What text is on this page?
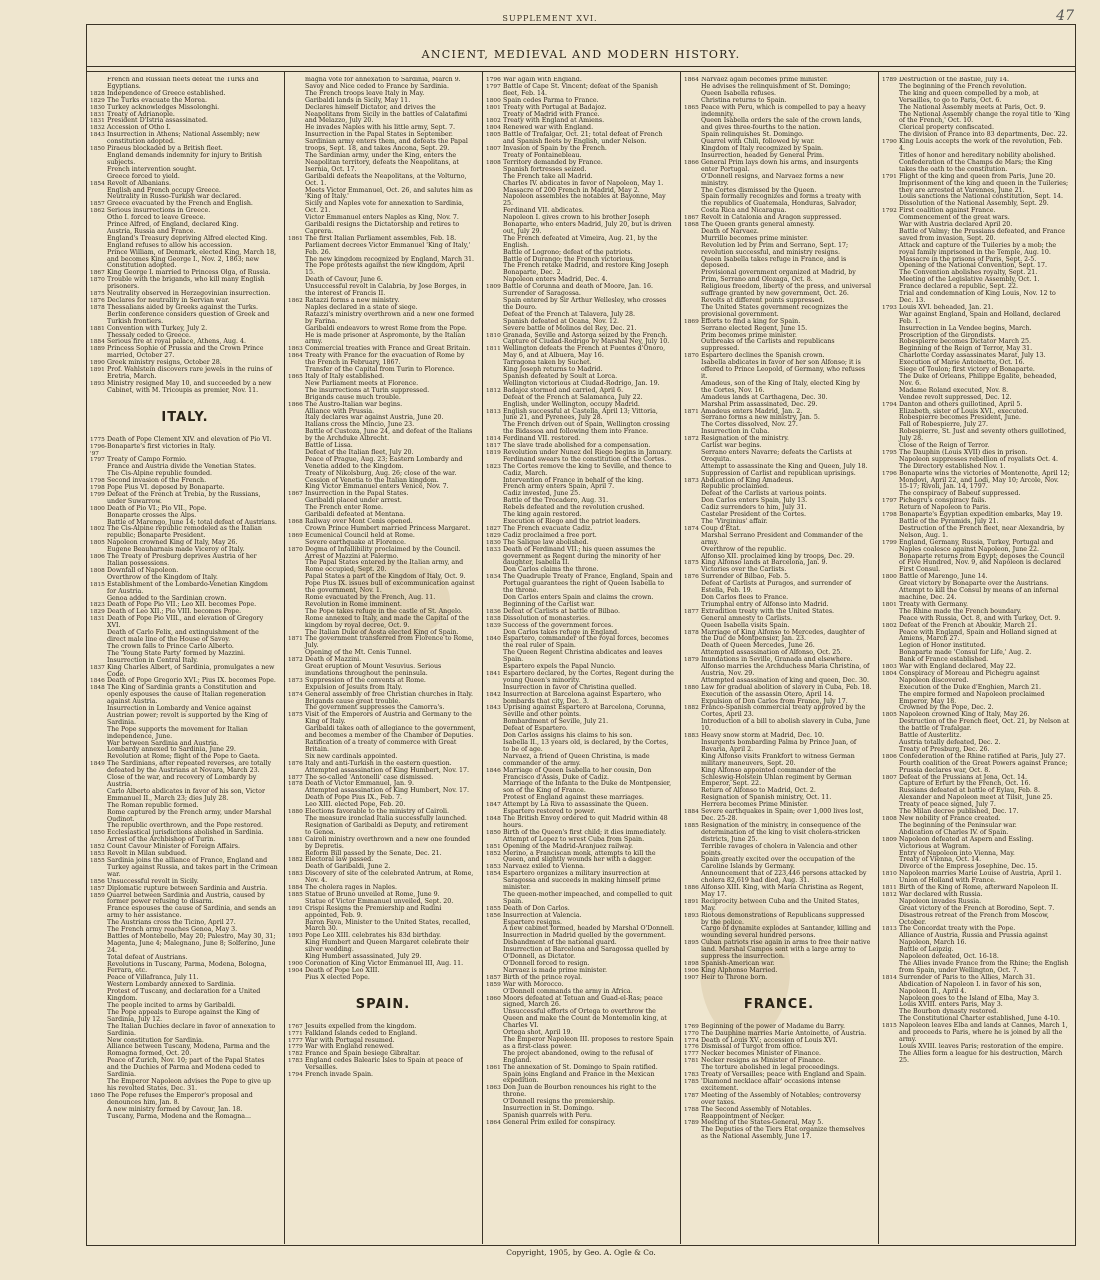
47
SUPPLEMENT XVI.
ANCIENT, MEDIEVAL AND MODERN HISTORY.
French and Russian fleets defeat the Turks and Egyptians.
1828 Independence of Greece established.
1829 The Turks evacuate the Morea.
1830 Turkey acknowledges Missolonghi.
1831 Treaty of Adrianople.
1831 President D'Istria assassinated.
1832 Accession of Otho I.
1843 Insurrection in Athens; National Assembly; new constitution adopted.
1850 Piraeus blockaded by a British fleet.
England demands indemnity for injury to British subjects.
French intervention sought.
Greece forced to yield.
1854 Revolt of Albanians.
English and French occupy Greece.
Neutrality in Russo-Turkish war declared.
1857 Greece evacuated by the French and English.
1862 Serious insurrections in Greece.
Otho I. forced to leave Greece.
Prince Alfred, of England, declared King.
Austria, Russia and France.
England's Treasury depriving Alfred elected King.
England refuses to allow his accession.
Prince William, of Denmark, elected King, March 18, and becomes King George I., Nov. 2, 1863; new Constitution adopted.
1867 King George I. married to Princess Olga, of Russia.
1870 Trouble with the brigands, who kill many English prisoners.
1875 Neutrality observed in Herzegovinian insurrection.
1876 Declares for neutrality in Servian war.
1878 Thessalians aided by Greeks against the Turks.
Berlin conference considers question of Greek and Turkish frontiers.
1881 Convention with Turkey, July 2.
Thessaly ceded to Greece.
1884 Serious fire at royal palace, Athens, Aug. 4.
1889 Princess Sophie of Prussia and the Crown Prince married, October 27.
1890 Greek ministry resigns, October 28.
1891 Prof. Wahlstein discovers rare jewels in the ruins of Eretria, March.
1893 Ministry resigned May 10, and succeeded by a new Cabinet, with M. Tricoupis as premier, Nov. 11.
ITALY.
1775 Death of Pope Clement XIV. and elevation of Pio VI.
1796-'97
Bonaparte's first victories in Italy.
1797 Treaty of Campo Formio.
France and Austria divide the Venetian States.
The Cis-Alpine republic founded.
1798 Second invasion of the French.
1798 Pope Pius VI. deposed by Bonaparte.
1799 Defeat of the French at Trebia, by the Russians, under Suwarrow.
1800 Death of Pio VI.; Pio VII., Pope.
Bonaparte crosses the Alps.
Battle of Marengo, June 14; total defeat of Austrians.
1802 The Cis-Alpine republic remodeled as the Italian republic; Bonaparte President.
1805 Napoleon crowned King of Italy, May 26.
Eugene Beauharnais made Viceroy of Italy.
1806 The Treaty of Presburg deprives Austria of her Italian possessions.
1808 Downfall of Napoleon.
Overthrow of the Kingdom of Italy.
1815 Establishment of the Lombardo-Venetian Kingdom for Austria.
Genoa added to the Sardinian crown.
1823 Death of Pope Pio VII.; Leo XII. becomes Pope.
1829 Death of Leo XII.; Pio VIII. becomes Pope.
1831 Death of Pope Pio VIII., and elevation of Gregory XVI.
Death of Carlo Felix, and extinguishment of the direct male line of the House of Savoy.
The crown falls to Prince Carlo Alberto.
The 'Young State Party' formed by Mazzini.
Insurrection in Central Italy.
1837 King Charles Albert, of Sardinia, promulgates a new Code.
1846 Death of Pope Gregorio XVI.; Pius IX. becomes Pope.
1848 The King of Sardinia grants a Constitution and openly espouses the cause of Italian regeneration against Austria.
Insurrection in Lombardy and Venice against Austrian power; revolt is supported by the King of Sardinia.
The Pope supports the movement for Italian independence, June.
War between Sardinia and Austria.
Lombardy annexed to Sardinia, June 29.
Revolution at Rome; flight of the Pope to Gaeta.
1849 The Sardinians, after repeated reverses, are totally defeated by the Austrians at Novara, March 23.
Close of the war, and recovery of Lombardy by Austria.
Carlo Alberto abdicates in favor of his son, Victor Emmanuel II., March 23; dies July 28.
The Roman republic formed.
Rome captured by the French army, under Marshal Oudinot.
The republic overthrown, and the Pope restored.
1850 Ecclesiastical jurisdictions abolished in Sardinia.
Arrest of the Archbishop of Turin.
1852 Count Cavour Minister of Foreign Affairs.
1853 Revolt in Milan subdued.
1855 Sardinia joins the alliance of France, England and Turkey against Russia, and takes part in the Crimean war.
1856 Unsuccessful revolt in Sicily.
1857 Diplomatic rupture between Sardinia and Austria.
1859 Quarrel between Sardinia and Austria, caused by former power refusing to disarm.
France espouses the cause of Sardinia, and sends an army to her assistance.
The Austrians cross the Ticino, April 27.
The French army reaches Genoa, May 3.
Battles of Montebello, May 20; Palestro, May 30, 31; Magenta, June 4; Malegnano, June 8; Solferino, June 24.
Total defeat of Austrians.
Revolutions in Tuscany, Parma, Modena, Bologna, Ferrara, etc.
Peace of Villafranca, July 11.
Western Lombardy annexed to Sardinia.
Protest of Tuscany, and declaration for a United Kingdom.
The people incited to arms by Garibaldi.
The Pope appeals to Europe against the King of Sardinia, July 12.
The Italian Duchies declare in favor of annexation to Sardinia.
New constitution for Sardinia.
Alliance between Tuscany, Modena, Parma and the Romagna formed, Oct. 20.
Peace of Zurich, Nov. 10; part of the Papal States and the Duchies of Parma and Modena ceded to Sardinia.
The Emperor Napoleon advises the Pope to give up his revolted States, Dec. 31.
1860 The Pope refuses the Emperor's proposal and denounces him, Jan. 8.
A new ministry formed by Cavour, Jan. 18.
Tuscany, Parma, Modena and the Romagna...
magna vote for annexation to Sardinia, March 9.
Savoy and Nice ceded to France by Sardinia.
The French troops leave Italy in May.
Garibaldi lands in Sicily, May 11.
Declares himself Dictator, and drives the Neapolitans from Sicily in the battles of Calatafimi and Melazzo, July 20.
He invades Naples with his little army, Sept. 7.
Insurrection in the Papal States in September. Sardinian army enters them, and defeats the Papal troops, Sept. 18, and takes Ancona, Sept. 29.
The Sardinian army, under the King, enters the Neapolitan territory, defeats the Neapolitans, at Isernia, Oct. 17.
Garibaldi defeats the Neapolitans, at the Volturno, Oct. 1.
Meets Victor Emmanuel, Oct. 26, and salutes him as 'King of Italy.'
Sicily and Naples vote for annexation to Sardinia, Oct. 21.
Victor Emmanuel enters Naples as King, Nov. 7.
Garibaldi resigns the Dictatorship and retires to Caprera.
1861 The first Italian Parliament assembles, Feb. 18.
Parliament decrees Victor Emmanuel 'King of Italy,' Feb. 26.
The new kingdom recognized by England, March 31.
The Pope protests against the new kingdom, April 15.
Death of Cavour, June 6.
Unsuccessful revolt in Calabria, by Jose Borges, in the interest of Francis II.
1862 Ratazzi forms a new ministry.
Naples declared in a state of siege.
Ratazzi's ministry overthrown and a new one formed by Farina.
Garibaldi endeavors to wrest Rome from the Pope.
He is made prisoner at Aspromonte, by the Italian army.
1863 Commercial treaties with France and Great Britain.
1864 Treaty with France for the evacuation of Rome by the French in February, 1867.
Transfer of the Capital from Turin to Florence.
1865 Italy of Italy established.
New Parliament meets at Florence.
The insurrections at Turin suppressed.
Brigands cause much trouble.
1866 The Austro-Italian war begins.
Alliance with Prussia.
Italy declares war against Austria, June 20.
Italians cross the Mincio, June 23.
Battle of Custoza, June 24, and defeat of the Italians by the Archduke Albrecht.
Battle of Lissa.
Defeat of the Italian fleet, July 20.
Peace of Prague, Aug. 23; Eastern Lombardy and Venetia added to the Kingdom.
Treaty of Nikolsburg, Aug. 26; close of the war.
Cession of Venetia to the Italian kingdom.
King Victor Emmanuel enters Venice, Nov. 7.
1867 Insurrection in the Papal States.
Garibaldi placed under arrest.
The French enter Rome.
Garibaldi defeated at Mentana.
1868 Railway over Mont Cenis opened.
Crown Prince Humbert married Princess Margaret.
1869 Ecumenical Council held at Rome.
Severe earthquake at Florence.
1870 Dogma of Infallibility proclaimed by the Council.
Arrest of Mazzini at Palermo.
The Papal States entered by the Italian army, and Rome occupied, Sept. 20.
Papal States a part of the Kingdom of Italy, Oct. 9.
Pope Pius IX. issues bull of excommunication against the government, Nov. 1.
Rome evacuated by the French, Aug. 11.
Revolution in Rome imminent.
The Pope takes refuge in the castle of St. Angelo.
Rome annexed to Italy, and made the Capital of the kingdom by royal decree, Oct. 9.
The Italian Duke of Aosta elected King of Spain.
1871 The government transferred from Florence to Rome, July.
Opening of the Mt. Cenis Tunnel.
1872 Death of Mazzini.
Great eruption of Mount Vesuvius. Serious inundations throughout the peninsula.
1873 Suppression of the convents at Rome.
Expulsion of Jesuits from Italy.
1874 General assembly of free Christian churches in Italy.
Brigands cause great trouble.
The government suppresses the Camorra's.
1875 Visit of the Emperors of Austria and Germany to the King of Italy.
Garibaldi takes oath of allegiance to the government, and becomes a member of the Chamber of Deputies.
Ratification of a treaty of commerce with Great Britain.
Six new cardinals appointed.
1876 Italy and anti-Turkish in the eastern question.
Attempted assassination of King Humbert, Nov. 17.
1877 The so-called 'Antonelli' case dismissed.
1878 Death of Victor Emmanuel, Jan. 9.
Attempted assassination of King Humbert, Nov. 17.
Death of Pope Pius IX., Feb. 7.
Leo XIII. elected Pope, Feb. 20.
1880 Elections favorable to the ministry of Cairoli.
The measure ironclad Italia successfully launched.
Resignation of Garibaldi as Deputy, and retirement to Genoa.
1881 Cairoli ministry overthrown and a new one founded by Depretis.
Reform Bill passed by the Senate, Dec. 21.
1882 Electoral law passed.
Death of Garibaldi, June 2.
1883 Discovery of site of the celebrated Antrum, at Rome, Nov. 4.
1884 The cholera rages in Naples.
1885 Statue of Bruno unveiled at Rome, June 9.
Statue of Victor Emmanuel unveiled, Sept. 20.
1891 Crispi Resigns the Premiership and Rudini appointed, Feb. 9.
Baron Fava, Minister to the United States, recalled, March 30.
1893 Pope Leo XIII. celebrates his 83d birthday.
King Humbert and Queen Margaret celebrate their silver wedding.
King Humbert assassinated, July 29.
1900 Coronation of King Victor Emmanuel III, Aug. 11.
1904 Death of Pope Leo XIII.
Pius X elected Pope.
SPAIN.
1767 Jesuits expelled from the kingdom.
1771 Falkland Islands ceded to England.
1777 War with Portugal resumed.
1779 War with England renewed.
1782 France and Spain besiege Gibraltar.
1783 England cedes Balearic Isles to Spain at peace of Versailles.
1794 French invade Spain.
1796 War again with England.
1797 Battle of Cape St. Vincent; defeat of the Spanish fleet, Feb. 14.
1800 Spain cedes Parma to France.
1801 Treaty with Portugal at Badajoz.
Treaty of Madrid with France.
1802 Treaty with England at Amiens.
1804 Renewed war with England.
1805 Battle of Trafalgar, Oct. 21; total defeat of French and Spanish fleets by English, under Nelson.
1807 Invasion of Spain by the French.
Treaty of Fontainebleau.
1808 Territory demanded by France.
Spanish fortresses seized.
The French take all Madrid.
Charles IV. abdicates in favor of Napoleon, May 1.
Massacre of 200 French in Madrid, May 2.
Napoleon assembles the notables at Bayonne, May 25.
Ferdinand VII. abdicates.
Napoleon I. gives crown to his brother Joseph Bonaparte, who enters Madrid, July 20, but is driven out, July 29.
The French defeated at Vimeira, Aug. 21, by the English.
Battle of Logrono; defeat of the patriots.
Battle of Durango; the French victorious.
The French retake Madrid, and restore King Joseph Bonaparte, Dec. 2.
Napoleon enters Madrid, Dec. 4.
1809 Battle of Corunna and death of Moore, Jan. 16.
Surrender of Saragossa.
Spain entered by Sir Arthur Wellesley, who crosses the Douro.
Defeat of the French at Talavera, July 28.
Spanish defeated at Ocana, Nov. 12.
Severe battle of Molinos del Rey, Dec. 21.
1810 Granada, Seville and Astorga seized by the French.
Capture of Ciudad-Rodrigo by Marshal Ney, July 10.
1811 Wellington defeats the French at Fuentes d'Onoro, May 6, and at Albuera, May 16.
Tarragona taken by Suchet.
King Joseph returns to Madrid.
Spanish defeated by Soult at Lorca.
Wellington victorious at Ciudad-Rodrigo, Jan. 19.
1812 Badajoz stormed and carried, April 6.
Defeat of the French at Salamanca, July 22.
English, under Wellington, occupy Madrid.
1813 English successful at Castella, April 13; Vittoria, June 21, and Pyrenees, July 28.
The French driven out of Spain, Wellington crossing the Bidassoa and following them into France.
1814 Ferdinand VII. restored.
1817 The slave trade abolished for a compensation.
1819 Revolution under Nunez del Riego begins in January.
Ferdinand swears to the constitution of the Cortes.
1823 The Cortes remove the king to Seville, and thence to Cadiz, March.
Intervention of France in behalf of the king.
French army enters Spain, April 7.
Cadiz invested, June 25.
Battle of the Trocadero, Aug. 31.
Rebels defeated and the revolution crushed.
The king again restored.
Execution of Riego and the patriot leaders.
1827 The French evacuate Cadiz.
1829 Cadiz proclaimed a free port.
1830 The Salique law abolished.
1833 Death of Ferdinand VII.; his queen assumes the government as Regent during the minority of her daughter, Isabella II.
Don Carlos claims the throne.
1834 The Quadruple Treaty of France, England, Spain and Portugal guarantees the right of Queen Isabella to the throne.
Don Carlos enters Spain and claims the crown.
Beginning of the Carlist war.
1836 Defeat of Carlists at battle of Bilbao.
1838 Dissolution of monasteries.
1839 Success of the government forces.
Don Carlos takes refuge in England.
1840 Espartero, commander of the royal forces, becomes the real ruler of Spain.
The Queen Regent Christina abdicates and leaves Spain.
Espartero expels the Papal Nuncio.
1841 Espartero declared, by the Cortes, Regent during the young Queen's minority.
Insurrection in favor of Christina quelled.
1842 Insurrection at Barcelona against Espartero, who bombards that city, Dec. 3.
1843 Uprising against Espartero at Barcelona, Corunna, Seville and other points.
Bombardment of Seville, July 21.
Defeat of Espartero.
Don Carlos assigns his claims to his son.
Isabella II., 13 years old, is declared, by the Cortes, to be of age.
Narvaez, a friend of Queen Christina, is made commander of the army.
1846 Marriage of Queen Isabella to her cousin, Don Francisco d'Assis, Duke of Cadiz.
Marriage of the Infanta to the Duke de Montpensier, son of the King of France.
Protest of England against these marriages.
1847 Attempt by La Riva to assassinate the Queen.
Espartero restored to power.
1848 The British Envoy ordered to quit Madrid within 48 hours.
1850 Birth of the Queen's first child; it dies immediately.
Attempt of Lopez to wrest Cuba from Spain.
1851 Opening of the Madrid-Aranjuez railway.
1852 Merino, a Franciscan monk, attempts to kill the Queen, and slightly wounds her with a dagger.
1853 Narvaez exiled to Vienna.
1854 Espartero organizes a military insurrection at Saragossa and succeeds in making himself prime minister.
The queen-mother impeached, and compelled to quit Spain.
1855 Death of Don Carlos.
1856 Insurrection at Valencia.
Espartero resigns.
A new cabinet formed, headed by Marshal O'Donnell.
Insurrection in Madrid quelled by the government.
Disbandment of the national guard.
Insurrection at Barcelona and Saragossa quelled by O'Donnell, as Dictator.
O'Donnell forced to resign.
Narvaez is made prime minister.
1857 Birth of the prince royal.
1859 War with Morocco.
O'Donnell commands the army in Africa.
1860 Moors defeated at Tetuan and Guad-el-Ras; peace signed, March 26.
Unsuccessful efforts of Ortega to overthrow the Queen and make the Count de Montemolin king, at Charles VI.
Ortega shot, April 19.
The Emperor Napoleon III. proposes to restore Spain as a first-class power.
The project abandoned, owing to the refusal of England.
1861 The annexation of St. Domingo to Spain ratified.
Spain joins England and France in the Mexican expedition.
1863 Don Juan de Bourbon renounces his right to the throne.
O'Donnell resigns the premiership.
Insurrection in St. Domingo.
Spanish quarrels with Peru.
1864 General Prim exiled for conspiracy.
1864 Narvaez again becomes prime minister.
He advises the relinquishment of St. Domingo; Queen Isabella refuses.
Christina returns to Spain.
1865 Peace with Peru, which is compelled to pay a heavy indemnity.
Queen Isabella orders the sale of the crown lands, and gives three-fourths to the nation.
Spain relinquishes St. Domingo.
Quarrel with Chili, followed by war.
Kingdom of Italy recognized by Spain.
Insurrection, headed by General Prim.
1866 General Prim lays down his arms, and insurgents enter Portugal.
O'Donnell resigns, and Narvaez forms a new ministry.
The Cortes dismissed by the Queen.
Spain formally recognizes and forms a treaty with the republics of Guatemala, Honduras, Salvador, Costa Rica and Nicaragua.
1867 Revolt in Catalonia and Aragon suppressed.
1868 The Queen grants general amnesty.
Death of Narvaez.
Murrillo becomes prime minister.
Revolution led by Prim and Serrano, Sept. 17; revolution successful, and ministry resigns.
Queen Isabella takes refuge in France, and is deposed.
Provisional government organized at Madrid, by Prim, Serrano and Olozaga, Oct. 8.
Religious freedom, liberty of the press, and universal suffrage granted by new government, Oct. 26.
Revolts at different points suppressed.
The United States government recognizes the provisional government.
1869 Efforts to find a king for Spain.
Serrano elected Regent, June 15.
Prim becomes prime minister.
Outbreaks of the Carlists and republicans suppressed.
1870 Espartero declines the Spanish crown.
Isabella abdicates in favor of her son Alfonso; it is offered to Prince Leopold, of Germany, who refuses it.
Amadeus, son of the King of Italy, elected King by the Cortes, Nov. 16.
Amadeus lands at Carthagena, Dec. 30.
Marshal Prim assassinated, Dec. 29.
1871 Amadeus enters Madrid, Jan. 2.
Serrano forms a new ministry, Jan. 5.
The Cortes dissolved, Nov. 27.
Insurrection in Cuba.
1872 Resignation of the ministry.
Carlist war begins.
Serrano enters Navarre; defeats the Carlists at Oroquita.
Attempt to assassinate the King and Queen, July 18.
Suppression of Carlist and republican uprisings.
1873 Abdication of King Amadeus.
Republic proclaimed.
Defeat of the Carlists at various points.
Don Carlos enters Spain, July 13.
Cadiz surrenders to him, July 31.
Castelar President of the Cortes.
The 'Virginius' affair.
1874 Coup d'Etat.
Marshal Serrano President and Commander of the army.
Overthrow of the republic.
Alfonso XII. proclaimed king by troops, Dec. 29.
1875 King Alfonso lands at Barcelona, Jan. 9.
Victories over the Carlists.
1876 Surrender of Bilbao, Feb. 5.
Defeat of Carlists at Puragos, and surrender of Estella, Feb. 19.
Don Carlos flees to France.
Triumphal entry of Alfonso into Madrid.
1877 Extradition treaty with the United States.
General amnesty to Carlists.
Queen Isabella visits Spain.
1878 Marriage of King Alfonso to Mercedes, daughter of the Duc de Montpensier, Jan. 23.
Death of Queen Mercedes, June 26.
Attempted assassination of Alfonso, Oct. 25.
1879 Inundations in Seville, Granada and elsewhere.
Alfonso marries the Archduchess Maria Christina, of Austria, Nov. 29.
Attempted assassination of king and queen, Dec. 30.
1880 Law for gradual abolition of slavery in Cuba, Feb. 18.
Execution of the assassin Otero, April 14.
Expulsion of Don Carlos from France, July 17.
1882 Franco-Spanish commercial treaty approved by the Cortes, April 23.
Introduction of a bill to abolish slavery in Cuba, June 10.
1883 Heavy snow storm at Madrid, Dec. 10.
Insurgents bombarding Palma by Prince Juan, of Bavaria, April 2.
King Alfonso visits Frankfort to witness German military maneuvers, Sept. 20.
King Alfonso appointed commander of the Schleswig-Holstein Uhlan regiment by German Emperor, Sept. 22.
Return of Alfonso to Madrid, Oct. 2.
Resignation of Spanish ministry, Oct. 11.
Herrera becomes Prime Minister.
1884 Severe earthquakes in Spain; over 1,000 lives lost, Dec. 25-28.
1885 Resignation of the ministry, in consequence of the determination of the king to visit cholera-stricken districts, June 25.
Terrible ravages of cholera in Valencia and other points.
Spain greatly excited over the occupation of the Caroline Islands by Germany.
Announcement that of 223,446 persons attacked by cholera 82,619 had died, Aug. 31.
1886 Alfonso XIII. King, with Maria Christina as Regent, May 17.
1891 Reciprocity between Cuba and the United States, May.
1893 Riotous demonstrations of Republicans suppressed by the police.
Cargo of dynamite explodes at Santander, killing and wounding several hundred persons.
1895 Cuban patriots rise again in arms to free their native land. Marshal Campos sent with a large army to suppress the insurrection.
1898 Spanish-American war.
1906 King Alphonso Married.
1907 Heir to Throne born.
FRANCE.
1769 Beginning of the power of Madame du Barry.
1770 The Dauphine marries Marie Antoinette, of Austria.
1774 Death of Louis XV.; accession of Louis XVI.
1776 Dismissal of Turgot from office.
1777 Necker becomes Minister of Finance.
1781 Necker resigns as Minister of Finance.
The torture abolished in legal proceedings.
1783 Treaty of Versailles; peace with England and Spain.
1785 'Diamond necklace affair' occasions intense excitement.
1787 Meeting of the Assembly of Notables; controversy over taxes.
1788 The Second Assembly of Notables.
Reappointment of Necker.
1789 Meeting of the States-General, May 5.
The Deputies of the Tiers Etat organize themselves as the National Assembly, June 17.
1789 Destruction of the Bastile, July 14.
The beginning of the French revolution.
The king and queen compelled by a mob, at Versailles, to go to Paris, Oct. 6.
The National Assembly meets at Paris, Oct. 9.
The National Assembly change the royal title to 'King of the French,' Oct. 10.
Clerical property confiscated.
The division of France into 83 departments, Dec. 22.
1790 King Louis accepts the work of the revolution, Feb. 4.
Titles of honor and hereditary nobility abolished.
Confederation of the Champs de Mars; the King takes the oath to the constitution.
1791 Flight of the king and queen from Paris, June 20.
Imprisonment of the king and queen in the Tuileries; they are arrested at Varennes, June 21.
Louis sanctions the National constitution, Sept. 14.
Dissolution of the National Assembly, Sept. 29.
1792 First coalition against France.
Commencement of the great wars.
War with Austria declared April 20.
Battle of Valmy; the Prussians defeated, and France saved from invasion, Sept. 20.
Attack and capture of the Tuileries by a mob; the royal family imprisoned in the Temple, Aug. 10.
Massacre in the prisons of Paris, Sept. 2-5.
Opening of the National Convention, Sept. 17.
The Convention abolishes royalty, Sept. 21.
Meeting of the Legislative Assembly, Oct. 1.
France declared a republic, Sept. 22.
Trial and condemnation of King Louis, Nov. 12 to Dec. 13.
1793 Louis XVI. beheaded, Jan. 21.
War against England, Spain and Holland, declared Feb. 1.
Insurrection in La Vendee begins, March.
Proscription of the Girondists.
Robespierre becomes Dictator March 25.
Beginning of the Reign of Terror, May 31.
Charlotte Corday assassinates Marat, July 13.
Execution of Marie Antoinette, Oct. 16.
Siege of Toulon; first victory of Bonaparte.
The Duke of Orleans, Philippe Egalite, beheaded, Nov. 6.
Madame Roland executed, Nov. 8.
Vendee revolt suppressed, Dec. 12.
1794 Danton and others guillotined, April 5.
Elizabeth, sister of Louis XVI., executed.
Robespierre becomes President, June.
Fall of Robespierre, July 27.
Robespierre, St. Just and seventy others guillotined, July 28.
Close of the Reign of Terror.
1795 The Dauphin (Louis XVII) dies in prison.
Napoleon suppresses rebellion of royalists Oct. 4.
The Directory established Nov. 1.
1796 Bonaparte wins the victories of Montenotte, April 12; Mondovi, April 22, and Lodi, May 10; Arcole, Nov. 15-17; Rivoli, Jan. 14, 1797.
The conspiracy of Babeuf suppressed.
1797 Pichegru's conspiracy fails.
Return of Napoleon to Paris.
1798 Bonaparte's Egyptian expedition embarks, May 19.
Battle of the Pyramids, July 21.
Destruction of the French fleet, near Alexandria, by Nelson, Aug. 1.
1799 England, Germany, Russia, Turkey, Portugal and Naples coalesce against Napoleon, June 22.
Bonaparte returns from Egypt; deposes the Council of Five Hundred, Nov. 9, and Napoleon is declared First Consul.
1800 Battle of Marengo, June 14.
Great victory by Bonaparte over the Austrians.
Attempt to kill the Consul by means of an infernal machine, Dec. 24.
1801 Treaty with Germany.
The Rhine made the French boundary.
Peace with Russia, Oct. 8, and with Turkey, Oct. 9.
1802 Defeat of the French at Aboukir, March 21.
Peace with England, Spain and Holland signed at Amiens, March 27.
Legion of Honor instituted.
Bonaparte made 'Consul for Life,' Aug. 2.
Bank of France established.
1803 War with England declared, May 22.
1804 Conspiracy of Moreau and Pichegru against Napoleon discovered.
Execution of the Duke d'Enghien, March 21.
The empire formed and Napoleon proclaimed Emperor, May 18.
Crowned by the Pope, Dec. 2.
1805 Napoleon crowned King of Italy, May 26.
Destruction of the French fleet, Oct. 21, by Nelson at the battle of Trafalgar.
Battle of Austerlitz.
Austria totally defeated, Dec. 2.
Treaty of Presburg, Dec. 26.
1806 Confederation of the Rhine ratified at Paris, July 27.
Fourth coalition of the Great Powers against France; Prussia declares war, Oct. 8.
1807 Defeat of the Prussians at Jena, Oct. 14.
Capture of Erfurt by the French, Oct. 16.
Russians defeated at battle of Eylau, Feb. 8.
Alexander and Napoleon meet at Tilsit, June 25.
Treaty of peace signed, July 7.
The Milan decree published, Dec. 17.
1808 New nobility of France created.
The beginning of the Peninsular war.
Abdication of Charles IV. of Spain.
1809 Napoleon defeated at Aspern and Essling.
Victorious at Wagram.
Entry of Napoleon into Vienna, May.
Treaty of Vienna, Oct. 14.
Divorce of the Empress Josephine, Dec. 15.
1810 Napoleon marries Marie Louise of Austria, April 1.
Union of Holland with France.
1811 Birth of the King of Rome, afterward Napoleon II.
1812 War declared with Russia.
Napoleon invades Russia.
Great victory of the French at Borodino, Sept. 7.
Disastrous retreat of the French from Moscow, October.
1813 The Concordat treaty with the Pope.
Alliance of Austria, Russia and Prussia against Napoleon, March 16.
Battle of Leipzig.
Napoleon defeated, Oct. 16-18.
The Allies invade France from the Rhine; the English from Spain, under Wellington, Oct. 7.
1814 Surrender of Paris to the Allies, March 31.
Abdication of Napoleon I. in favor of his son, Napoleon II., April 4.
Napoleon goes to the Island of Elba, May 3.
Louis XVIII. enters Paris, May 3.
The Bourbon dynasty restored.
The Constitutional Charter established, June 4-10.
1815 Napoleon leaves Elba and lands at Cannes, March 1, and proceeds to Paris, where he is joined by all the army.
Louis XVIII. leaves Paris; restoration of the empire.
The Allies form a league for his destruction, March 25.
Copyright, 1905, by Geo. A. Ogle & Co.
